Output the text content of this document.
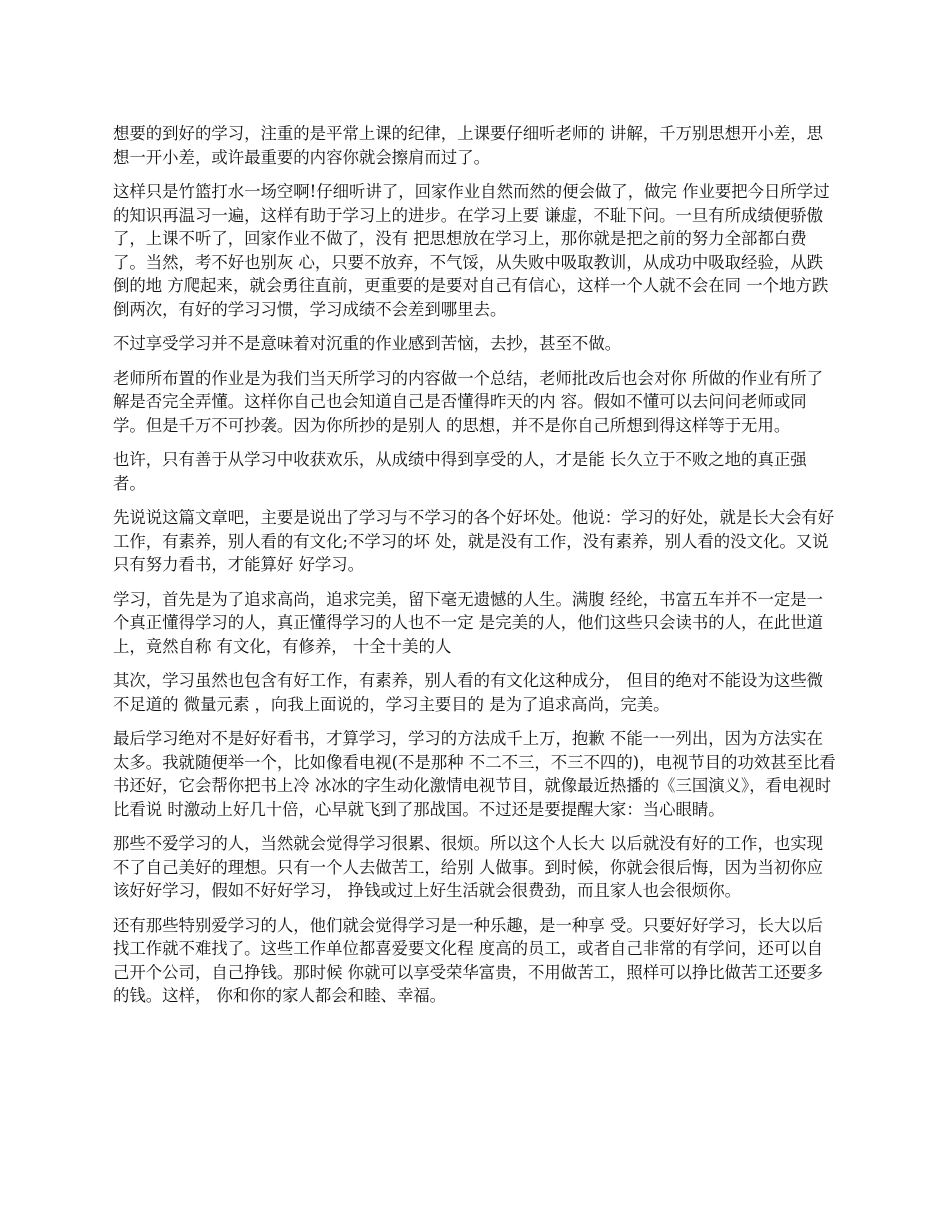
想要的到好的学习，注重的是平常上课的纪律，上课要仔细听老师的 讲解，千万别思想开小差，思想一开小差，或许最重要的内容你就会擦肩而过了。

这样只是竹篮打水一场空啊!仔细听讲了，回家作业自然而然的便会做了，做完 作业要把今日所学过的知识再温习一遍，这样有助于学习上的进步。在学习上要 谦虚，不耻下问。一旦有所成绩便骄傲了，上课不听了，回家作业不做了，没有 把思想放在学习上，那你就是把之前的努力全部都白费了。当然，考不好也别灰 心，只要不放弃，不气馁，从失败中吸取教训，从成功中吸取经验，从跌倒的地 方爬起来，就会勇往直前，更重要的是要对自己有信心，这样一个人就不会在同 一个地方跌倒两次，有好的学习习惯，学习成绩不会差到哪里去。

不过享受学习并不是意味着对沉重的作业感到苦恼，去抄，甚至不做。

老师所布置的作业是为我们当天所学习的内容做一个总结，老师批改后也会对你 所做的作业有所了解是否完全弄懂。这样你自己也会知道自己是否懂得昨天的内 容。假如不懂可以去问问老师或同学。但是千万不可抄袭。因为你所抄的是别人 的思想，并不是你自己所想到得这样等于无用。

也许，只有善于从学习中收获欢乐，从成绩中得到享受的人，才是能 长久立于不败之地的真正强者。

先说说这篇文章吧，主要是说出了学习与不学习的各个好坏处。他说：学习的好处，就是长大会有好工作，有素养，别人看的有文化;不学习的坏 处，就是没有工作，没有素养，别人看的没文化。又说只有努力看书，才能算好 好学习。

学习，首先是为了追求高尚，追求完美，留下毫无遗憾的人生。满腹 经纶，书富五车并不一定是一个真正懂得学习的人，真正懂得学习的人也不一定 是完美的人，他们这些只会读书的人，在此世道上，竟然自称 有文化，有修养， 十全十美的人

其次，学习虽然也包含有好工作，有素养，别人看的有文化这种成分， 但目的绝对不能设为这些微不足道的 微量元素 ，向我上面说的，学习主要目的 是为了追求高尚，完美。

最后学习绝对不是好好看书，才算学习，学习的方法成千上万，抱歉 不能一一列出，因为方法实在太多。我就随便举一个，比如像看电视(不是那种 不二不三，不三不四的)，电视节目的功效甚至比看书还好，它会帮你把书上冷 冰冰的字生动化激情电视节目，就像最近热播的《三国演义》，看电视时比看说 时激动上好几十倍，心早就飞到了那战国。不过还是要提醒大家：当心眼睛。

那些不爱学习的人，当然就会觉得学习很累、很烦。所以这个人长大 以后就没有好的工作，也实现不了自己美好的理想。只有一个人去做苦工，给别 人做事。到时候，你就会很后悔，因为当初你应该好好学习，假如不好好学习， 挣钱或过上好生活就会很费劲，而且家人也会很烦你。

还有那些特别爱学习的人，他们就会觉得学习是一种乐趣，是一种享 受。只要好好学习，长大以后找工作就不难找了。这些工作单位都喜爱要文化程 度高的员工，或者自己非常的有学问，还可以自己开个公司，自己挣钱。那时候 你就可以享受荣华富贵，不用做苦工，照样可以挣比做苦工还要多的钱。这样， 你和你的家人都会和睦、幸福。
